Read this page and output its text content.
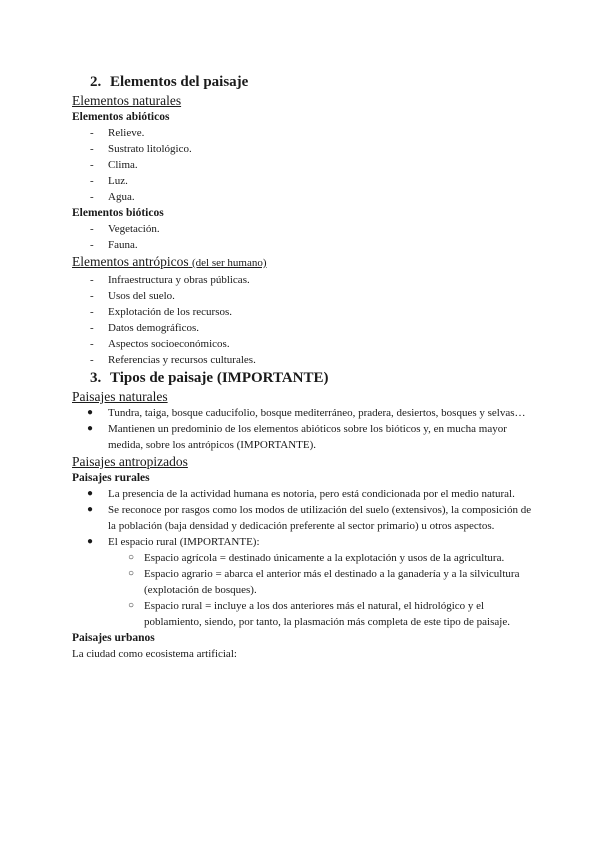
2. Elementos del paisaje

Elementos naturales

Elementos abióticos

- Relieve.
- Sustrato litológico.
- Clima.
- Luz.
- Agua.

Elementos bióticos

- Vegetación.
- Fauna.

Elementos antrópicos (del ser humano)

- Infraestructura y obras públicas.
- Usos del suelo.
- Explotación de los recursos.
- Datos demográficos.
- Aspectos socioeconómicos.
- Referencias y recursos culturales.
3. Tipos de paisaje (IMPORTANTE)

Paisajes naturales

● Tundra, taiga, bosque caducifolio, bosque mediterráneo, pradera, desiertos, bosques y selvas…
● Mantienen un predominio de los elementos abióticos sobre los bióticos y, en mucha mayor medida, sobre los antrópicos (IMPORTANTE).

Paisajes antropizados

Paisajes rurales

● La presencia de la actividad humana es notoria, pero está condicionada por el medio natural.
● Se reconoce por rasgos como los modos de utilización del suelo (extensivos), la composición de la población (baja densidad y dedicación preferente al sector primario) u otros aspectos.
● El espacio rural (IMPORTANTE):
○ Espacio agrícola = destinado únicamente a la explotación y usos de la agricultura.
○ Espacio agrario = abarca el anterior más el destinado a la ganadería y a la silvicultura (explotación de bosques).
○ Espacio rural = incluye a los dos anteriores más el natural, el hidrológico y el poblamiento, siendo, por tanto, la plasmación más completa de este tipo de paisaje.

Paisajes urbanos

La ciudad como ecosistema artificial:
